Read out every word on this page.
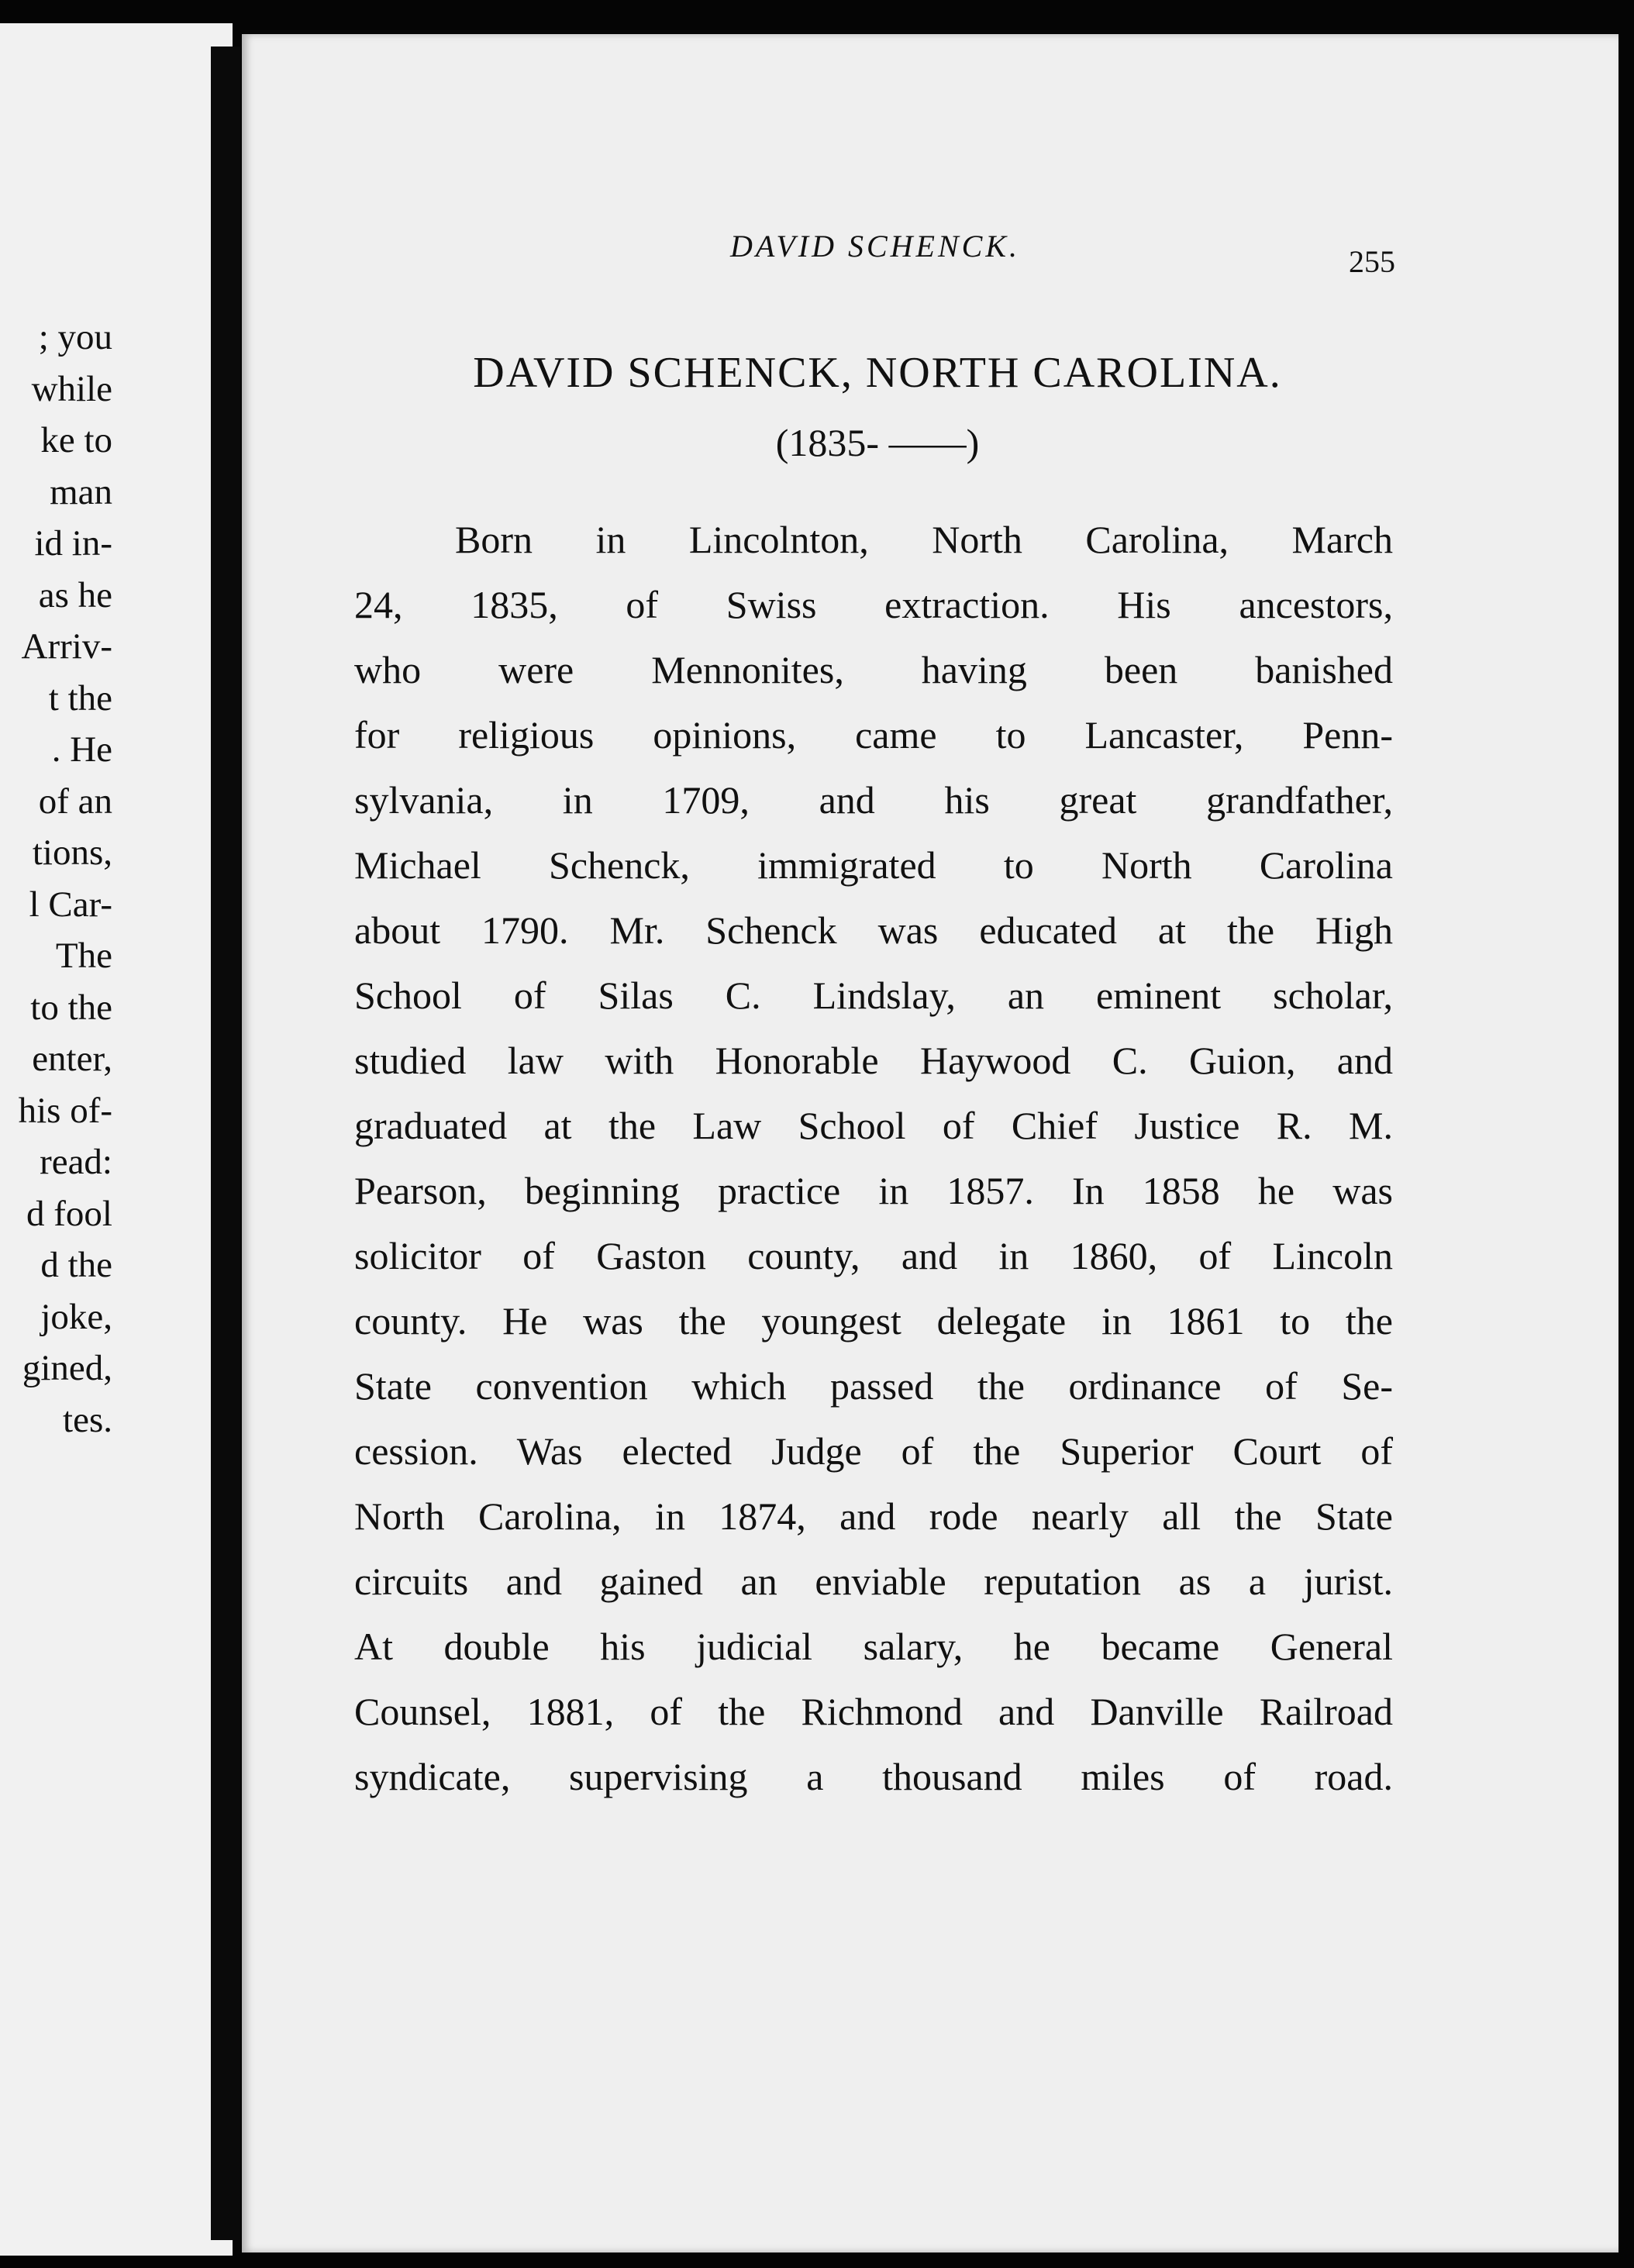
; you
while
ke to
man
id in-
as he
Arriv-
t the
. He
of an
tions,
l Car-
The
to the
enter,
his of-
read:
d fool
d the
joke,
gined,
tes.
DAVID SCHENCK.	255
DAVID SCHENCK, NORTH CAROLINA.
(1835- ——)
Born in Lincolnton, North Carolina, March
24, 1835, of Swiss extraction. His ancestors,
who were Mennonites, having been banished
for religious opinions, came to Lancaster, Penn-
sylvania, in 1709, and his great grandfather,
Michael Schenck, immigrated to North Carolina
about 1790. Mr. Schenck was educated at the High
School of Silas C. Lindslay, an eminent scholar,
studied law with Honorable Haywood C. Guion, and
graduated at the Law School of Chief Justice R. M.
Pearson, beginning practice in 1857. In 1858 he was
solicitor of Gaston county, and in 1860, of Lincoln
county. He was the youngest delegate in 1861 to the
State convention which passed the ordinance of Se-
cession. Was elected Judge of the Superior Court of
North Carolina, in 1874, and rode nearly all the State
circuits and gained an enviable reputation as a jurist.
At double his judicial salary, he became General
Counsel, 1881, of the Richmond and Danville Railroad
syndicate, supervising a thousand miles of road.
